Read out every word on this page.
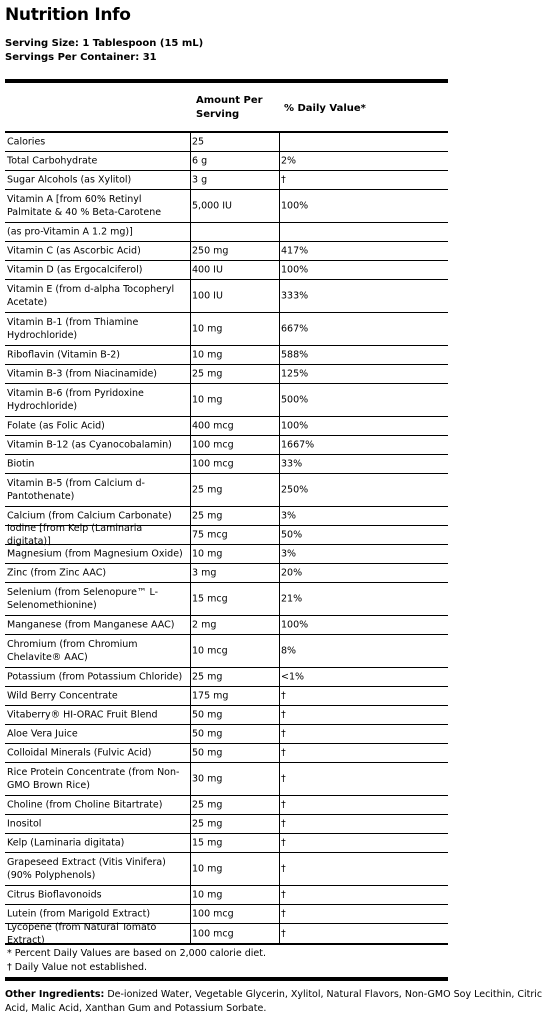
Nutrition Info
Serving Size: 1 Tablespoon (15 mL)
Servings Per Container: 31
Amount Per Serving
% Daily Value*
Calories	25
Total Carbohydrate	6 g	2%
Sugar Alcohols (as Xylitol)	3 g	†
Vitamin A [from 60% Retinyl Palmitate & 40 % Beta-Carotene
5,000 IU	100%
(as pro-Vitamin A 1.2 mg)]
Vitamin C (as Ascorbic Acid)	250 mg	417%
Vitamin D (as Ergocalciferol)	400 IU	100%
Vitamin E (from d-alpha Tocopheryl Acetate)
100 IU	333%
Vitamin B-1 (from Thiamine Hydrochloride)
10 mg	667%
Riboflavin (Vitamin B-2)	10 mg	588%
Vitamin B-3 (from Niacinamide)	25 mg	125%
Vitamin B-6 (from Pyridoxine Hydrochloride)
10 mg	500%
Folate (as Folic Acid)	400 mcg	100%
Vitamin B-12 (as Cyanocobalamin)	100 mcg	1667%
Biotin	100 mcg	33%
Vitamin B-5 (from Calcium d-Pantothenate)
25 mg	250%
Calcium (from Calcium Carbonate)	25 mg	3%
Iodine [from Kelp (Laminaria digitata)]
75 mcg	50%
Magnesium (from Magnesium Oxide) 10 mg	3%
Zinc (from Zinc AAC)	3 mg	20%
Selenium (from Selenopure™ L-Selenomethionine)
15 mcg	21%
Manganese (from Manganese AAC)	2 mg	100%
Chromium (from Chromium Chelavite® AAC)
10 mcg	8%
Potassium (from Potassium Chloride)	25 mg	<1%
Wild Berry Concentrate	175 mg	†
Vitaberry® HI-ORAC Fruit Blend	50 mg	†
Aloe Vera Juice	50 mg	†
Colloidal Minerals (Fulvic Acid)	50 mg	†
Rice Protein Concentrate (from Non-GMO Brown Rice)
30 mg	†
Choline (from Choline Bitartrate)	25 mg	†
Inositol	25 mg	†
Kelp (Laminaria digitata)	15 mg	†
Grapeseed Extract (Vitis Vinifera) (90% Polyphenols)
10 mg	†
Citrus Bioflavonoids	10 mg	†
Lutein (from Marigold Extract)	100 mcg	†
Lycopene (from Natural Tomato Extract)
100 mcg	†
* Percent Daily Values are based on 2,000 calorie diet.
† Daily Value not established.
Other Ingredients: De-ionized Water, Vegetable Glycerin, Xylitol, Natural Flavors, Non-GMO Soy Lecithin, Citric Acid, Malic Acid, Xanthan Gum and Potassium Sorbate.
